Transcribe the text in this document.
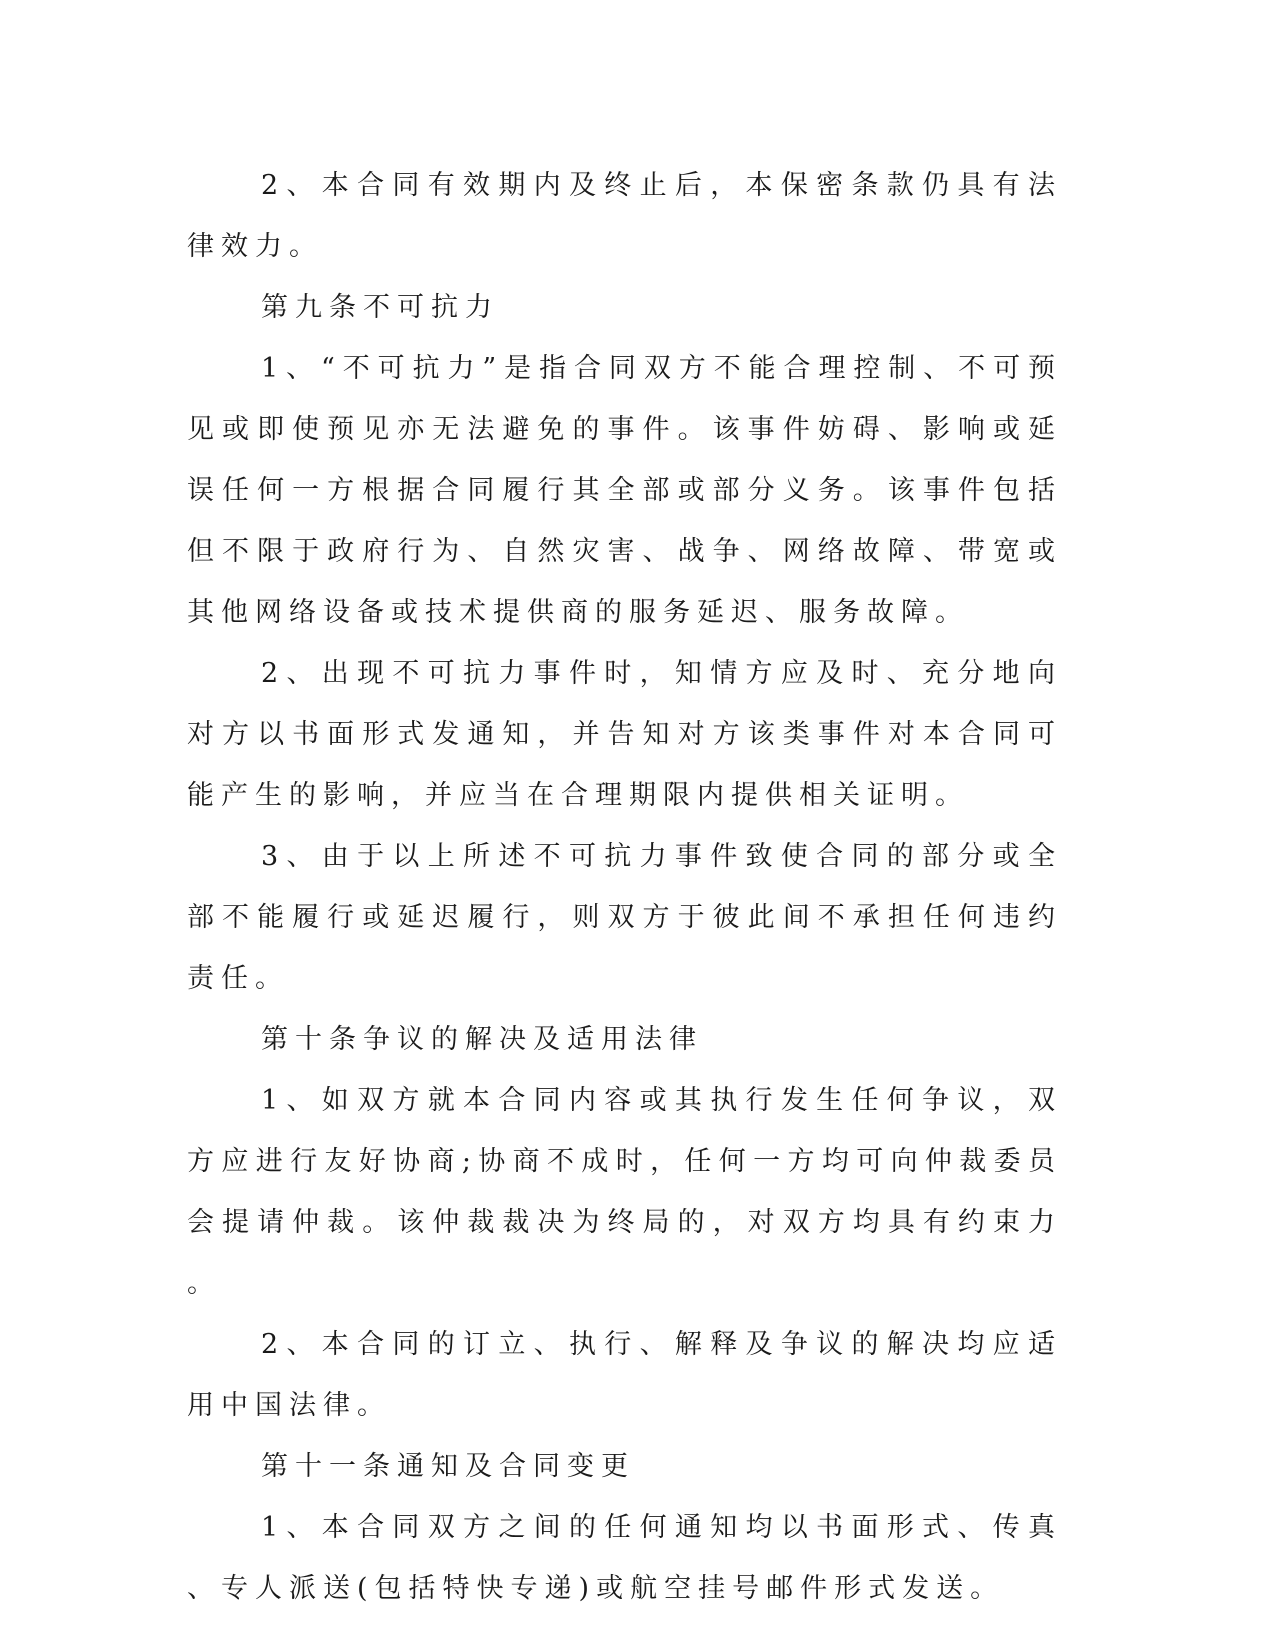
2、本合同有效期内及终止后，本保密条款仍具有法律效力。

第九条不可抗力

1、“不可抗力”是指合同双方不能合理控制、不可预见或即使预见亦无法避免的事件。该事件妨碍、影响或延误任何一方根据合同履行其全部或部分义务。该事件包括但不限于政府行为、自然灾害、战争、网络故障、带宽或其他网络设备或技术提供商的服务延迟、服务故障。

2、出现不可抗力事件时，知情方应及时、充分地向对方以书面形式发通知，并告知对方该类事件对本合同可能产生的影响，并应当在合理期限内提供相关证明。

3、由于以上所述不可抗力事件致使合同的部分或全部不能履行或延迟履行，则双方于彼此间不承担任何违约责任。

第十条争议的解决及适用法律

1、如双方就本合同内容或其执行发生任何争议，双方应进行友好协商;协商不成时，任何一方均可向仲裁委员会提请仲裁。该仲裁裁决为终局的，对双方均具有约束力。

2、本合同的订立、执行、解释及争议的解决均应适用中国法律。

第十一条通知及合同变更

1、本合同双方之间的任何通知均以书面形式、传真、专人派送(包括特快专递)或航空挂号邮件形式发送。
